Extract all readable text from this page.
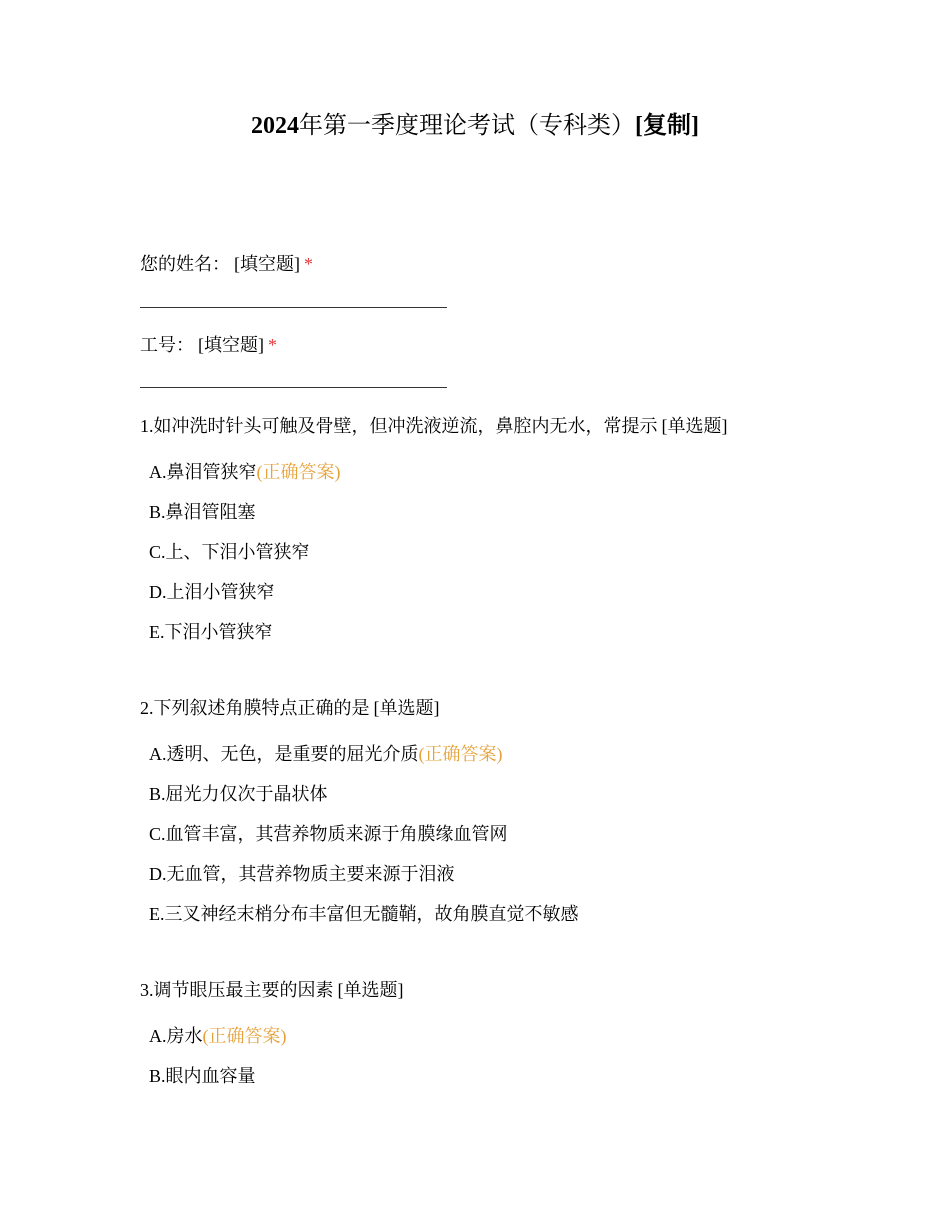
2024年第一季度理论考试（专科类）[复制]
您的姓名： [填空题] *
工号： [填空题] *
1.如冲洗时针头可触及骨壁，但冲洗液逆流，鼻腔内无水，常提示 [单选题]
A.鼻泪管狭窄(正确答案)
B.鼻泪管阻塞
C.上、下泪小管狭窄
D.上泪小管狭窄
E.下泪小管狭窄
2.下列叙述角膜特点正确的是 [单选题]
A.透明、无色，是重要的屈光介质(正确答案)
B.屈光力仅次于晶状体
C.血管丰富，其营养物质来源于角膜缘血管网
D.无血管，其营养物质主要来源于泪液
E.三叉神经末梢分布丰富但无髓鞘，故角膜直觉不敏感
3.调节眼压最主要的因素 [单选题]
A.房水(正确答案)
B.眼内血容量
